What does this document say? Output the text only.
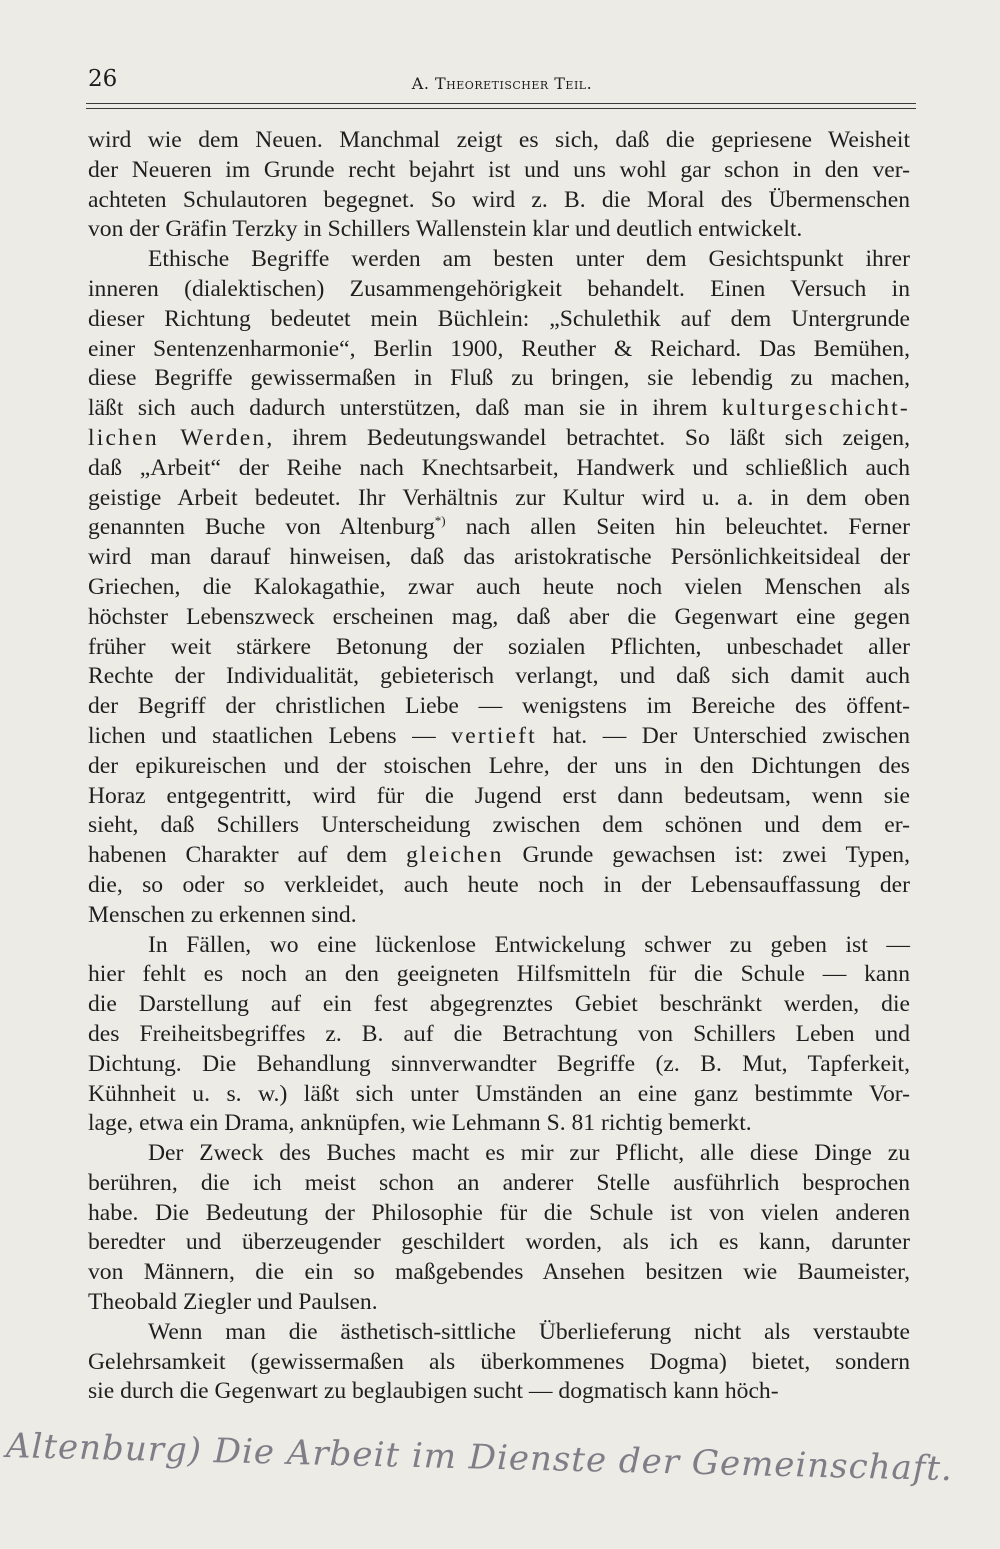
26	A. Theoretischer Teil.
wird wie dem Neuen. Manchmal zeigt es sich, daß die gepriesene Weisheit
der Neueren im Grunde recht bejahrt ist und uns wohl gar schon in den ver-
achteten Schulautoren begegnet. So wird z. B. die Moral des Übermenschen
von der Gräfin Terzky in Schillers Wallenstein klar und deutlich entwickelt.
Ethische Begriffe werden am besten unter dem Gesichtspunkt ihrer
inneren (dialektischen) Zusammengehörigkeit behandelt. Einen Versuch in
dieser Richtung bedeutet mein Büchlein: „Schulethik auf dem Untergrunde
einer Sentenzenharmonie“, Berlin 1900, Reuther & Reichard. Das Bemühen,
diese Begriffe gewissermaßen in Fluß zu bringen, sie lebendig zu machen,
läßt sich auch dadurch unterstützen, daß man sie in ihrem kulturgeschicht-
lichen Werden, ihrem Bedeutungswandel betrachtet. So läßt sich zeigen,
daß „Arbeit“ der Reihe nach Knechtsarbeit, Handwerk und schließlich auch
geistige Arbeit bedeutet. Ihr Verhältnis zur Kultur wird u. a. in dem oben
genannten Buche von Altenburg*) nach allen Seiten hin beleuchtet. Ferner
wird man darauf hinweisen, daß das aristokratische Persönlichkeitsideal der
Griechen, die Kalokagathie, zwar auch heute noch vielen Menschen als
höchster Lebenszweck erscheinen mag, daß aber die Gegenwart eine gegen
früher weit stärkere Betonung der sozialen Pflichten, unbeschadet aller
Rechte der Individualität, gebieterisch verlangt, und daß sich damit auch
der Begriff der christlichen Liebe — wenigstens im Bereiche des öffent-
lichen und staatlichen Lebens — vertieft hat. — Der Unterschied zwischen
der epikureischen und der stoischen Lehre, der uns in den Dichtungen des
Horaz entgegentritt, wird für die Jugend erst dann bedeutsam, wenn sie
sieht, daß Schillers Unterscheidung zwischen dem schönen und dem er-
habenen Charakter auf dem gleichen Grunde gewachsen ist: zwei Typen,
die, so oder so verkleidet, auch heute noch in der Lebensauffassung der
Menschen zu erkennen sind.
In Fällen, wo eine lückenlose Entwickelung schwer zu geben ist —
hier fehlt es noch an den geeigneten Hilfsmitteln für die Schule — kann
die Darstellung auf ein fest abgegrenztes Gebiet beschränkt werden, die
des Freiheitsbegriffes z. B. auf die Betrachtung von Schillers Leben und
Dichtung. Die Behandlung sinnverwandter Begriffe (z. B. Mut, Tapferkeit,
Kühnheit u. s. w.) läßt sich unter Umständen an eine ganz bestimmte Vor-
lage, etwa ein Drama, anknüpfen, wie Lehmann S. 81 richtig bemerkt.
Der Zweck des Buches macht es mir zur Pflicht, alle diese Dinge zu
berühren, die ich meist schon an anderer Stelle ausführlich besprochen
habe. Die Bedeutung der Philosophie für die Schule ist von vielen anderen
beredter und überzeugender geschildert worden, als ich es kann, darunter
von Männern, die ein so maßgebendes Ansehen besitzen wie Baumeister,
Theobald Ziegler und Paulsen.
Wenn man die ästhetisch-sittliche Überlieferung nicht als verstaubte
Gelehrsamkeit (gewissermaßen als überkommenes Dogma) bietet, sondern
sie durch die Gegenwart zu beglaubigen sucht — dogmatisch kann höch-
Altenburg) Die Arbeit im Dienste der Gemeinschaft.
